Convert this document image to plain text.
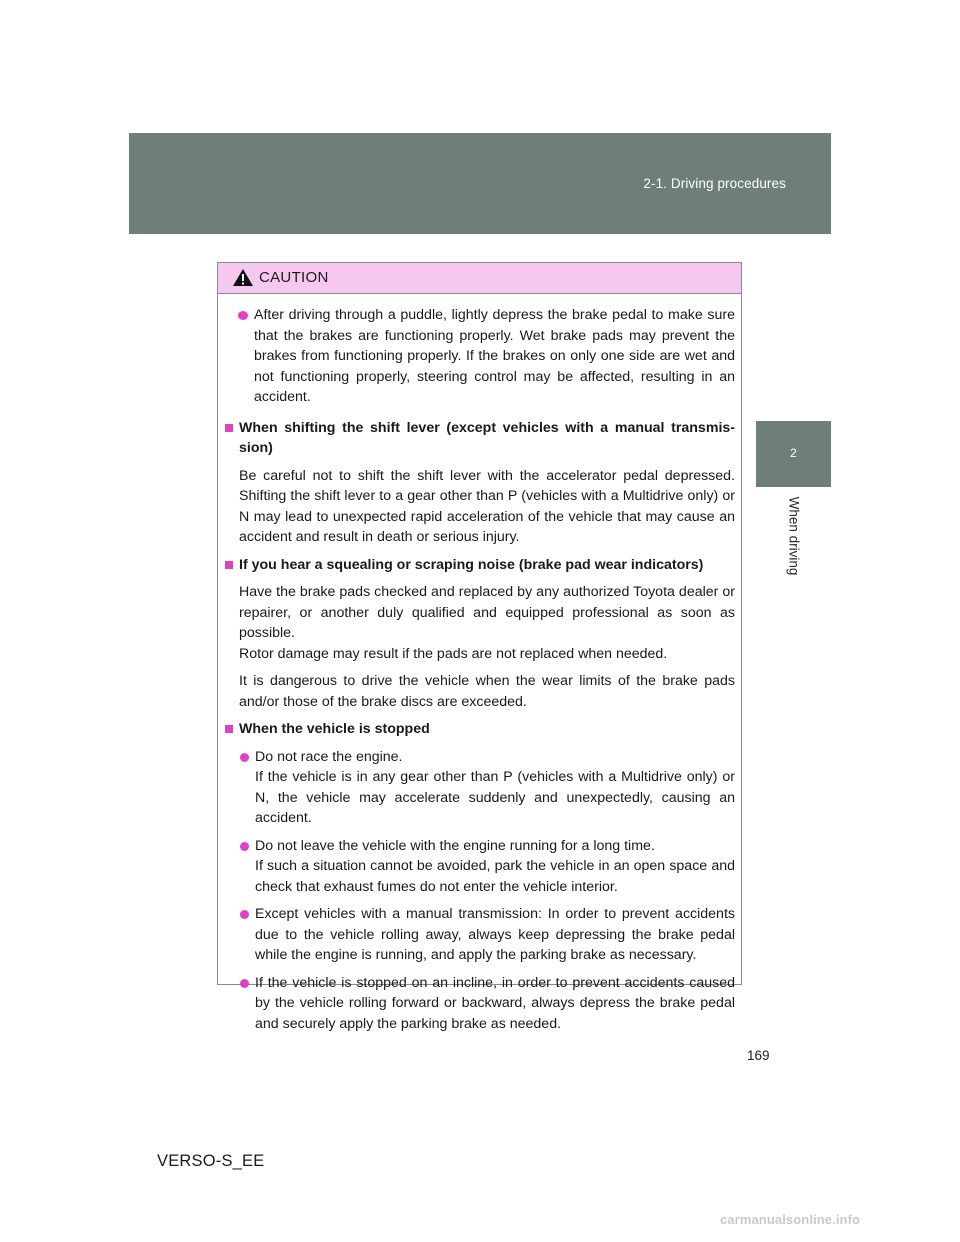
2-1. Driving procedures
2
When driving
CAUTION

After driving through a puddle, lightly depress the brake pedal to make sure that the brakes are functioning properly. Wet brake pads may prevent the brakes from functioning properly. If the brakes on only one side are wet and not functioning properly, steering control may be affected, resulting in an accident.

When shifting the shift lever (except vehicles with a manual transmis-sion)

Be careful not to shift the shift lever with the accelerator pedal depressed. Shifting the shift lever to a gear other than P (vehicles with a Multidrive only) or N may lead to unexpected rapid acceleration of the vehicle that may cause an accident and result in death or serious injury.

If you hear a squealing or scraping noise (brake pad wear indicators)

Have the brake pads checked and replaced by any authorized Toyota dealer or repairer, or another duly qualified and equipped professional as soon as possible.

Rotor damage may result if the pads are not replaced when needed.

It is dangerous to drive the vehicle when the wear limits of the brake pads and/or those of the brake discs are exceeded.

When the vehicle is stopped

Do not race the engine.

If the vehicle is in any gear other than P (vehicles with a Multidrive only) or N, the vehicle may accelerate suddenly and unexpectedly, causing an accident.

Do not leave the vehicle with the engine running for a long time.

If such a situation cannot be avoided, park the vehicle in an open space and check that exhaust fumes do not enter the vehicle interior.

Except vehicles with a manual transmission: In order to prevent accidents due to the vehicle rolling away, always keep depressing the brake pedal while the engine is running, and apply the parking brake as necessary.

If the vehicle is stopped on an incline, in order to prevent accidents caused by the vehicle rolling forward or backward, always depress the brake pedal and securely apply the parking brake as needed.

169
VERSO-S_EE
carmanualsonline.info
